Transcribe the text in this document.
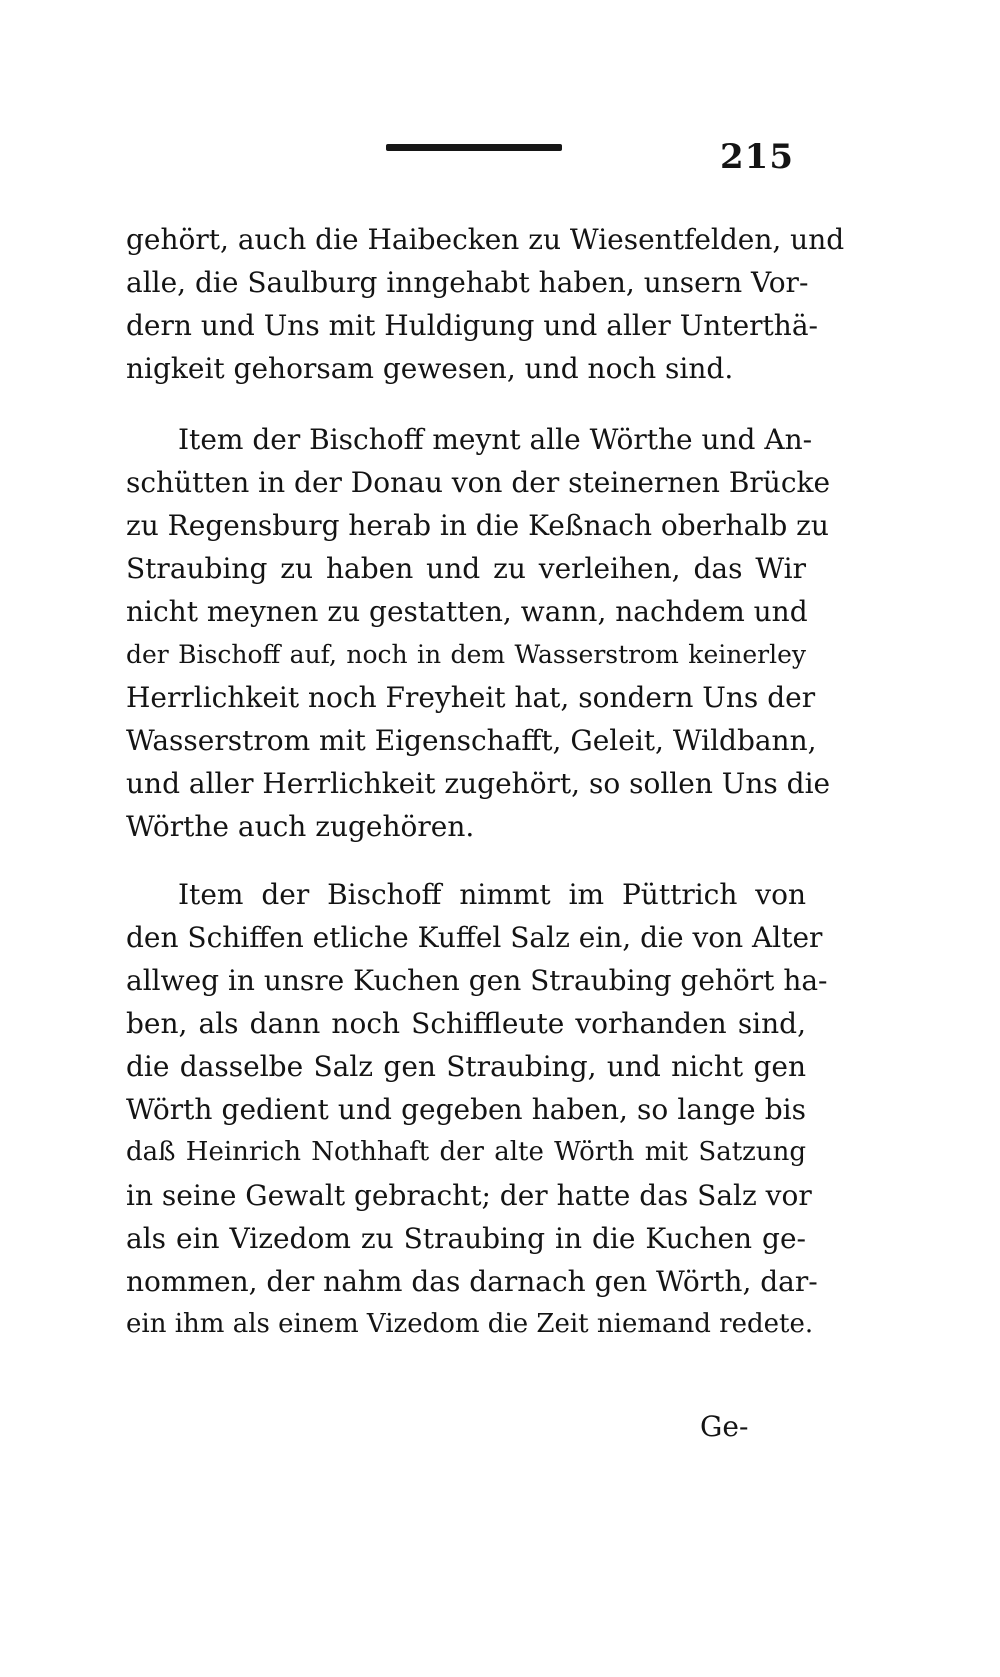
215
gehört, auch die Haibecken zu Wiesentfelden, und
alle, die Saulburg inngehabt haben, unsern Vor-
dern und Uns mit Huldigung und aller Unterthä-
nigkeit gehorsam gewesen, und noch sind.
Item der Bischoff meynt alle Wörthe und An-
schütten in der Donau von der steinernen Brücke
zu Regensburg herab in die Keßnach oberhalb zu
Straubing zu haben und zu verleihen, das Wir
nicht meynen zu gestatten, wann, nachdem und
der Bischoff auf, noch in dem Wasserstrom keinerley
Herrlichkeit noch Freyheit hat, sondern Uns der
Wasserstrom mit Eigenschafft, Geleit, Wildbann,
und aller Herrlichkeit zugehört, so sollen Uns die
Wörthe auch zugehören.
Item der Bischoff nimmt im Püttrich von
den Schiffen etliche Kuffel Salz ein, die von Alter
allweg in unsre Kuchen gen Straubing gehört ha-
ben, als dann noch Schiffleute vorhanden sind,
die dasselbe Salz gen Straubing, und nicht gen
Wörth gedient und gegeben haben, so lange bis
daß Heinrich Nothhaft der alte Wörth mit Satzung
in seine Gewalt gebracht; der hatte das Salz vor
als ein Vizedom zu Straubing in die Kuchen ge-
nommen, der nahm das darnach gen Wörth, dar-
ein ihm als einem Vizedom die Zeit niemand redete.
Ge-
